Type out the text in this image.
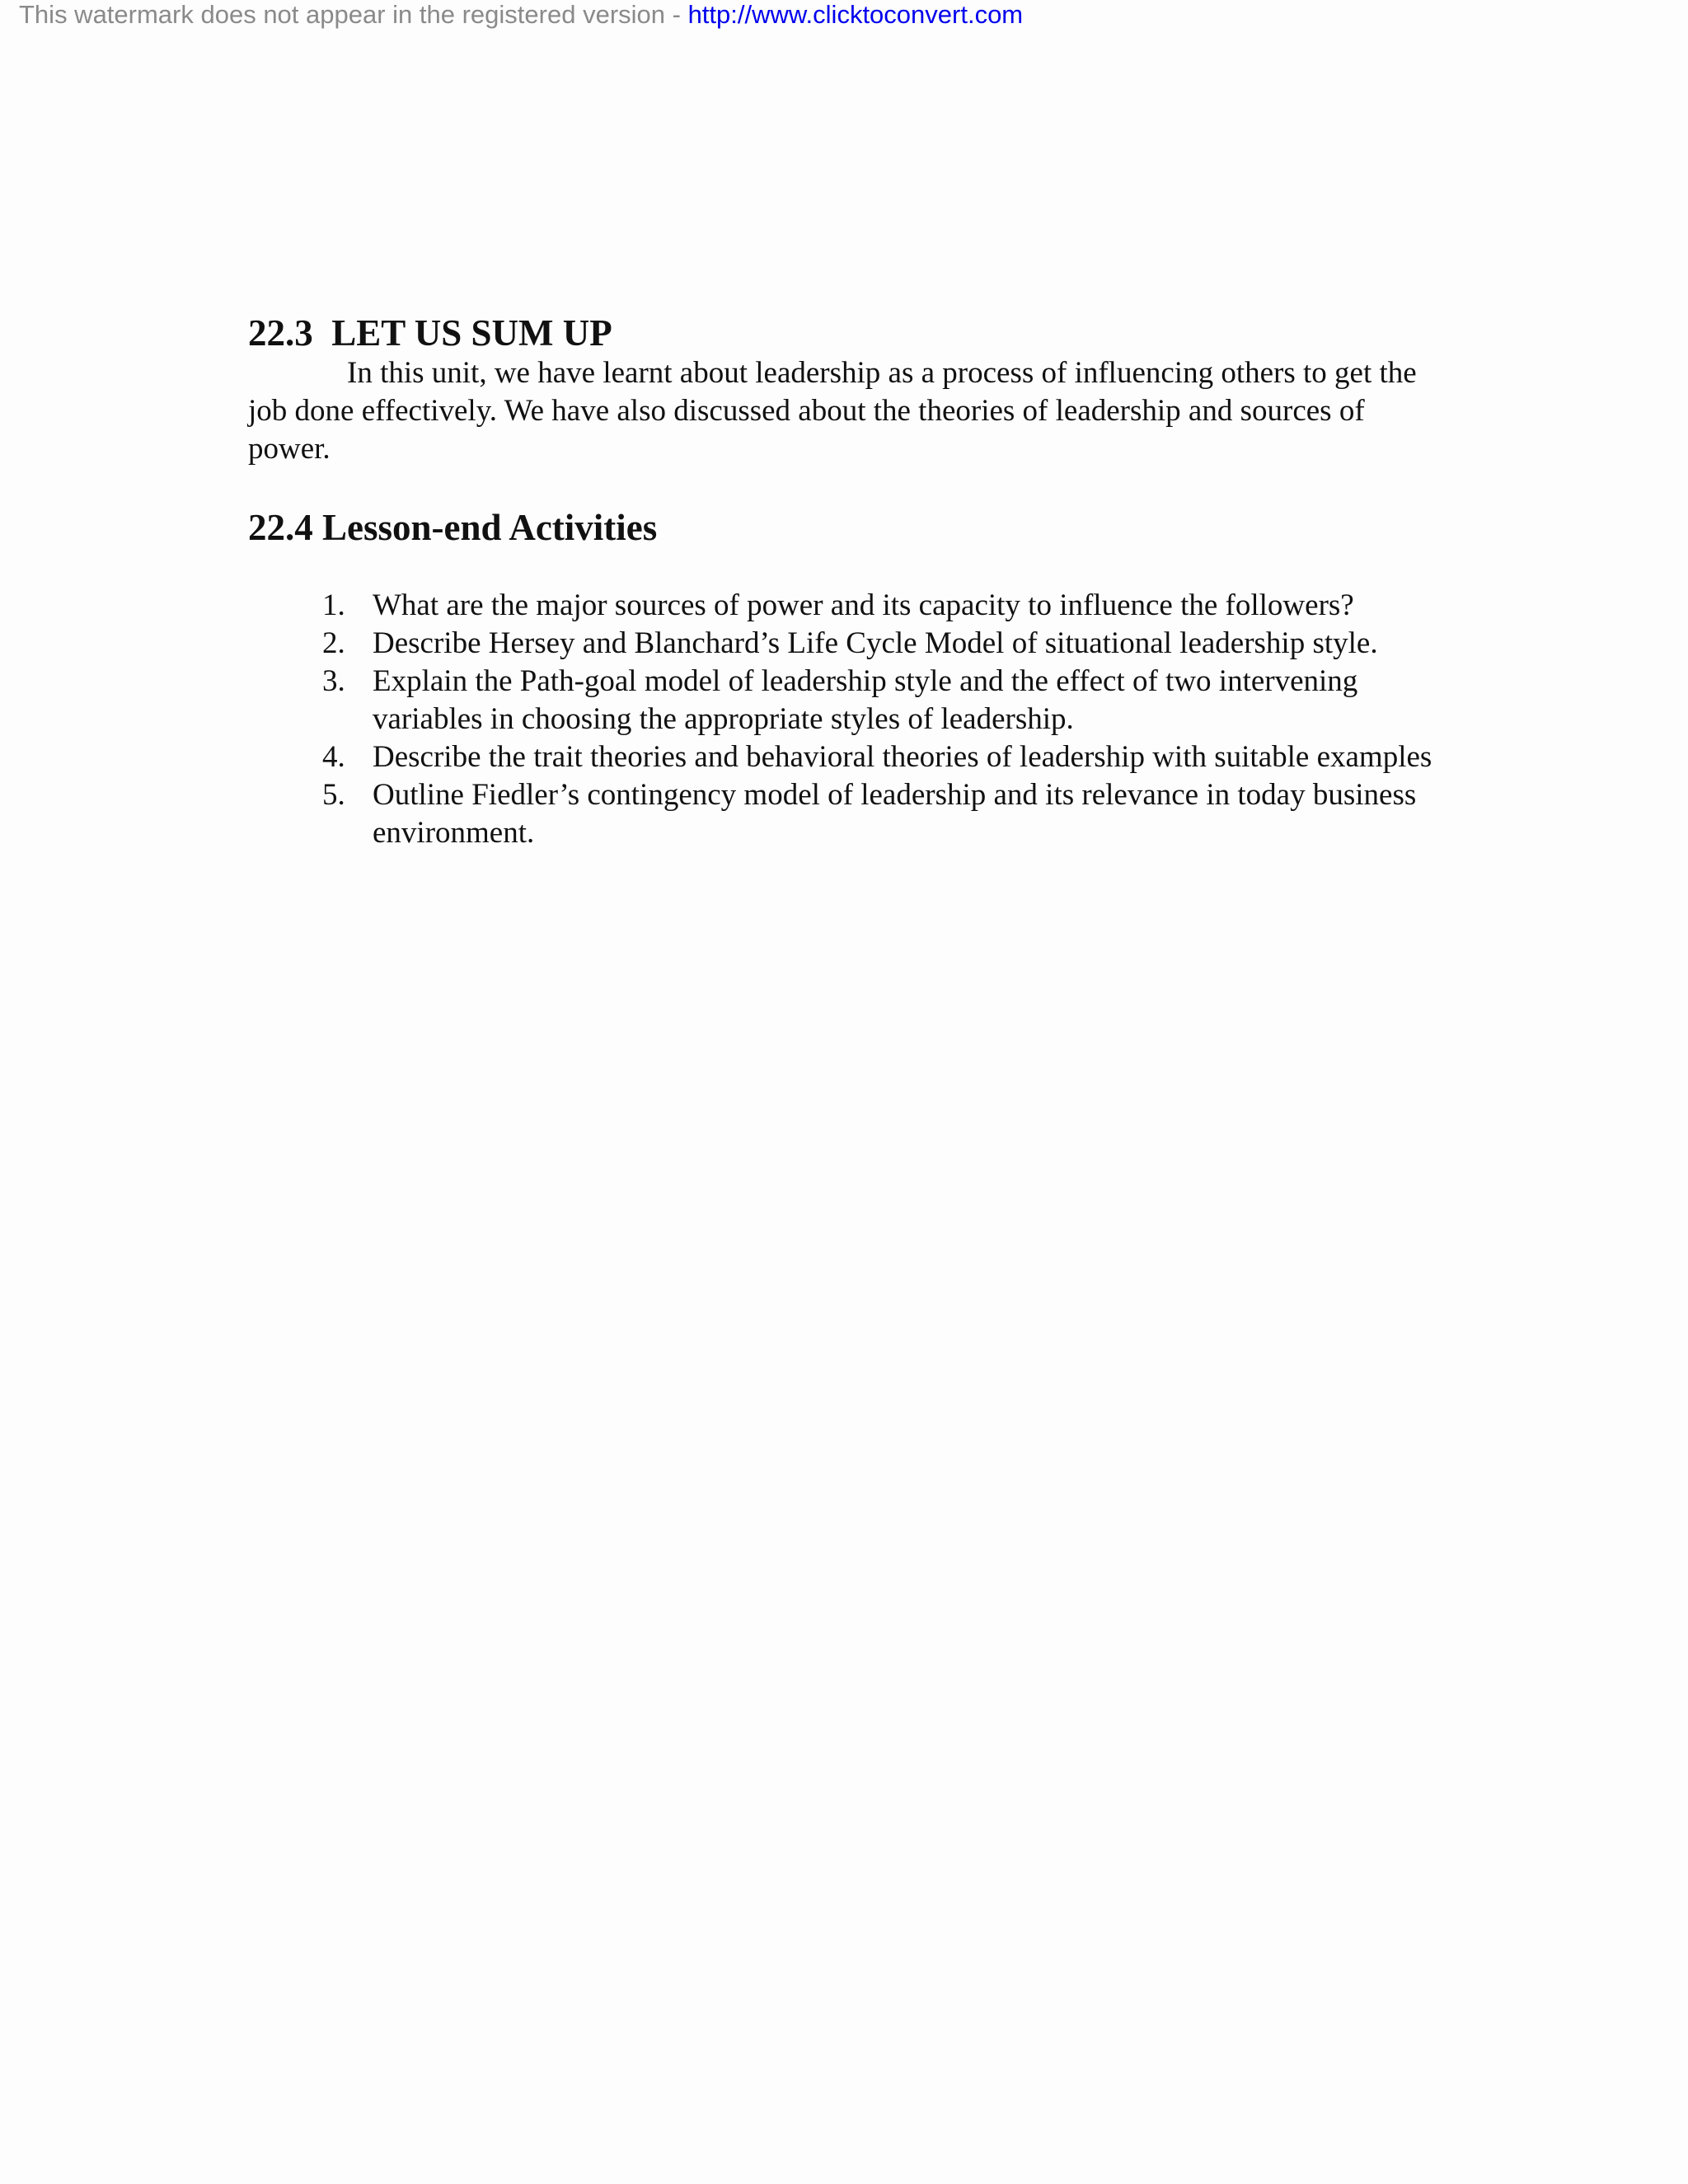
This watermark does not appear in the registered version - http://www.clicktoconvert.com
22.3  LET US SUM UP

In this unit, we have learnt about leadership as a process of influencing others to get the job done effectively. We have also discussed about the theories of leadership and sources of power.

22.4 Lesson-end Activities
1. What are the major sources of power and its capacity to influence the followers?
2. Describe Hersey and Blanchard’s Life Cycle Model of situational leadership style.
3. Explain the Path-goal model of leadership style and the effect of two intervening variables in choosing the appropriate styles of leadership.
4. Describe the trait theories and behavioral theories of leadership with suitable examples
5. Outline Fiedler’s contingency model of leadership and its relevance in today business environment.
